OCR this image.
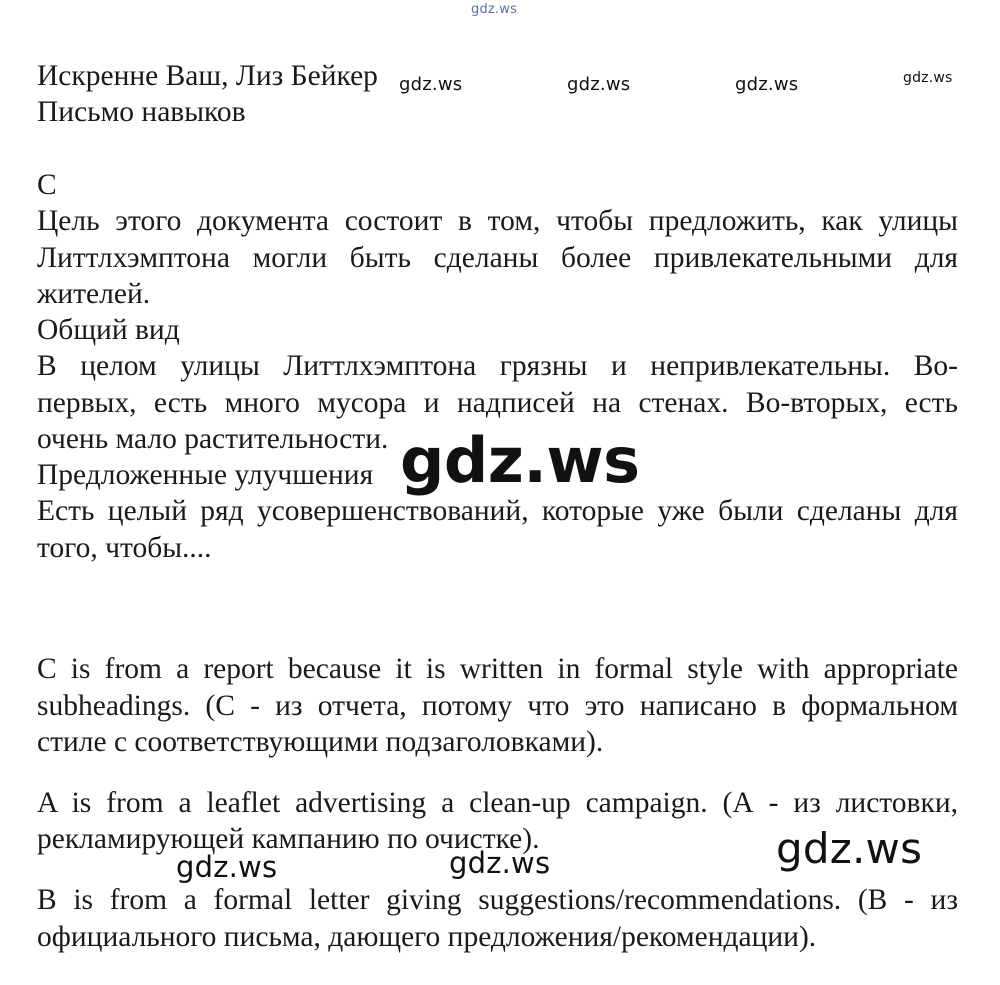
gdz.ws
Искренне Ваш, Лиз Бейкер
Письмо навыков
gdz.ws	gdz.ws	gdz.ws	gdz.ws
C
Цель этого документа состоит в том, чтобы предложить, как улицы
Литтлхэмптона могли быть сделаны более привлекательными для
жителей.
Общий вид
В целом улицы Литтлхэмптона грязны и непривлекательны. Во-
первых, есть много мусора и надписей на стенах. Во-вторых, есть
очень мало растительности.
Предложенные улучшения
Есть целый ряд усовершенствований, которые уже были сделаны для
того, чтобы....
gdz.ws
C is from a report because it is written in formal style with appropriate
subheadings. (С - из отчета, потому что это написано в формальном
стиле с соответствующими подзаголовками).
A is from a leaflet advertising a clean-up campaign. (А - из листовки,
рекламирующей кампанию по очистке).
gdz.ws	gdz.ws	gdz.ws
B is from a formal letter giving suggestions/recommendations. (В - из
официального письма, дающего предложения/рекомендации).
